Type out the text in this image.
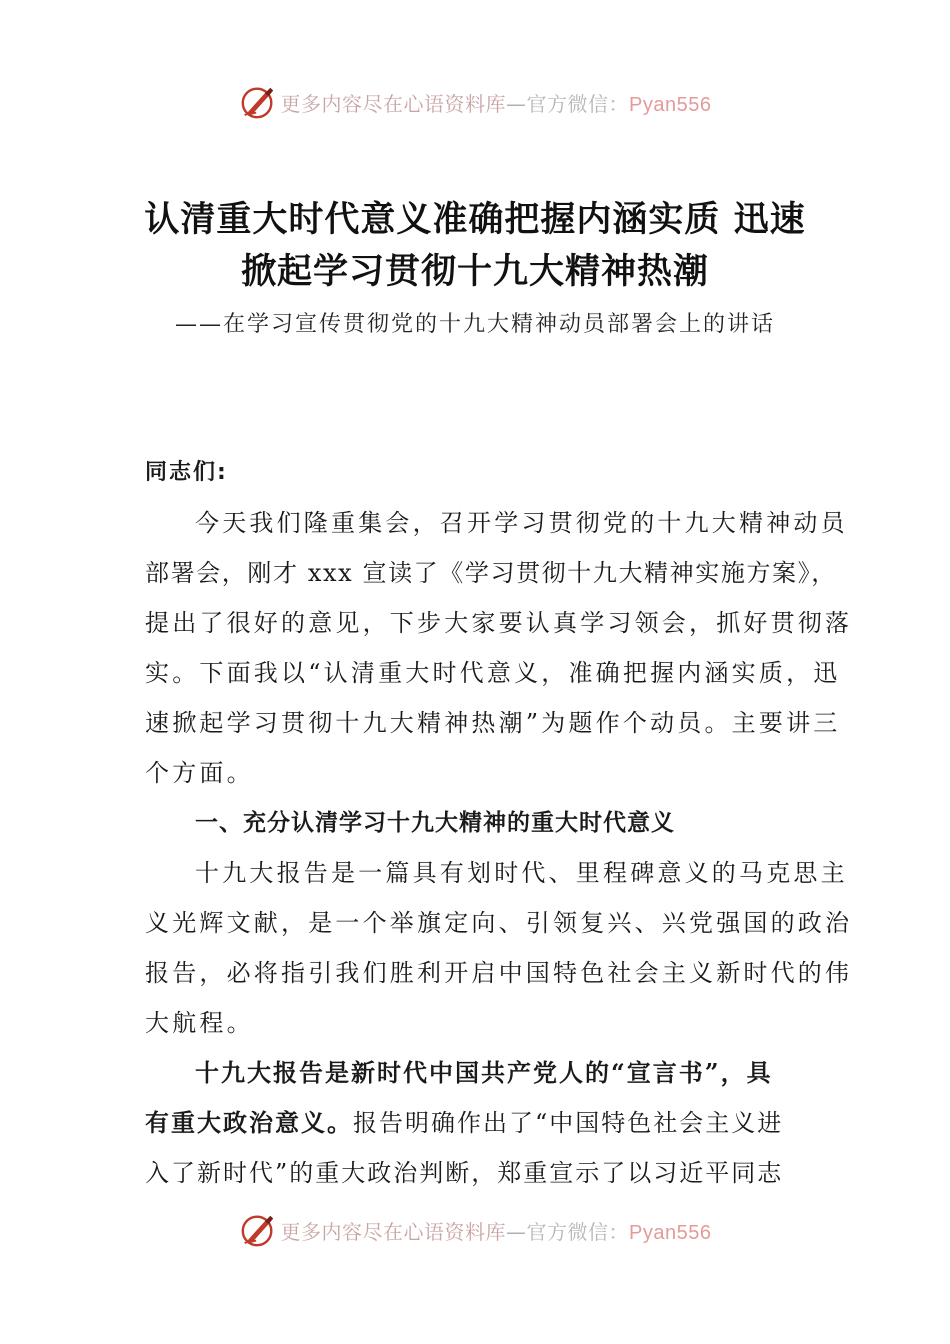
更多内容尽在心语资料库—官方微信：Pyan556
认清重大时代意义准确把握内涵实质 迅速
掀起学习贯彻十九大精神热潮
——在学习宣传贯彻党的十九大精神动员部署会上的讲话
同志们:
今天我们隆重集会，召开学习贯彻党的十九大精神动员
部署会，刚才 xxx 宣读了《学习贯彻十九大精神实施方案》，
提出了很好的意见，下步大家要认真学习领会，抓好贯彻落
实。下面我以“认清重大时代意义，准确把握内涵实质，迅
速掀起学习贯彻十九大精神热潮”为题作个动员。主要讲三
个方面。
一、充分认清学习十九大精神的重大时代意义
十九大报告是一篇具有划时代、里程碑意义的马克思主
义光辉文献，是一个举旗定向、引领复兴、兴党强国的政治
报告，必将指引我们胜利开启中国特色社会主义新时代的伟
大航程。
十九大报告是新时代中国共产党人的“宣言书”，具
有重大政治意义。报告明确作出了“中国特色社会主义进
入了新时代”的重大政治判断，郑重宣示了以习近平同志
更多内容尽在心语资料库—官方微信：Pyan556
